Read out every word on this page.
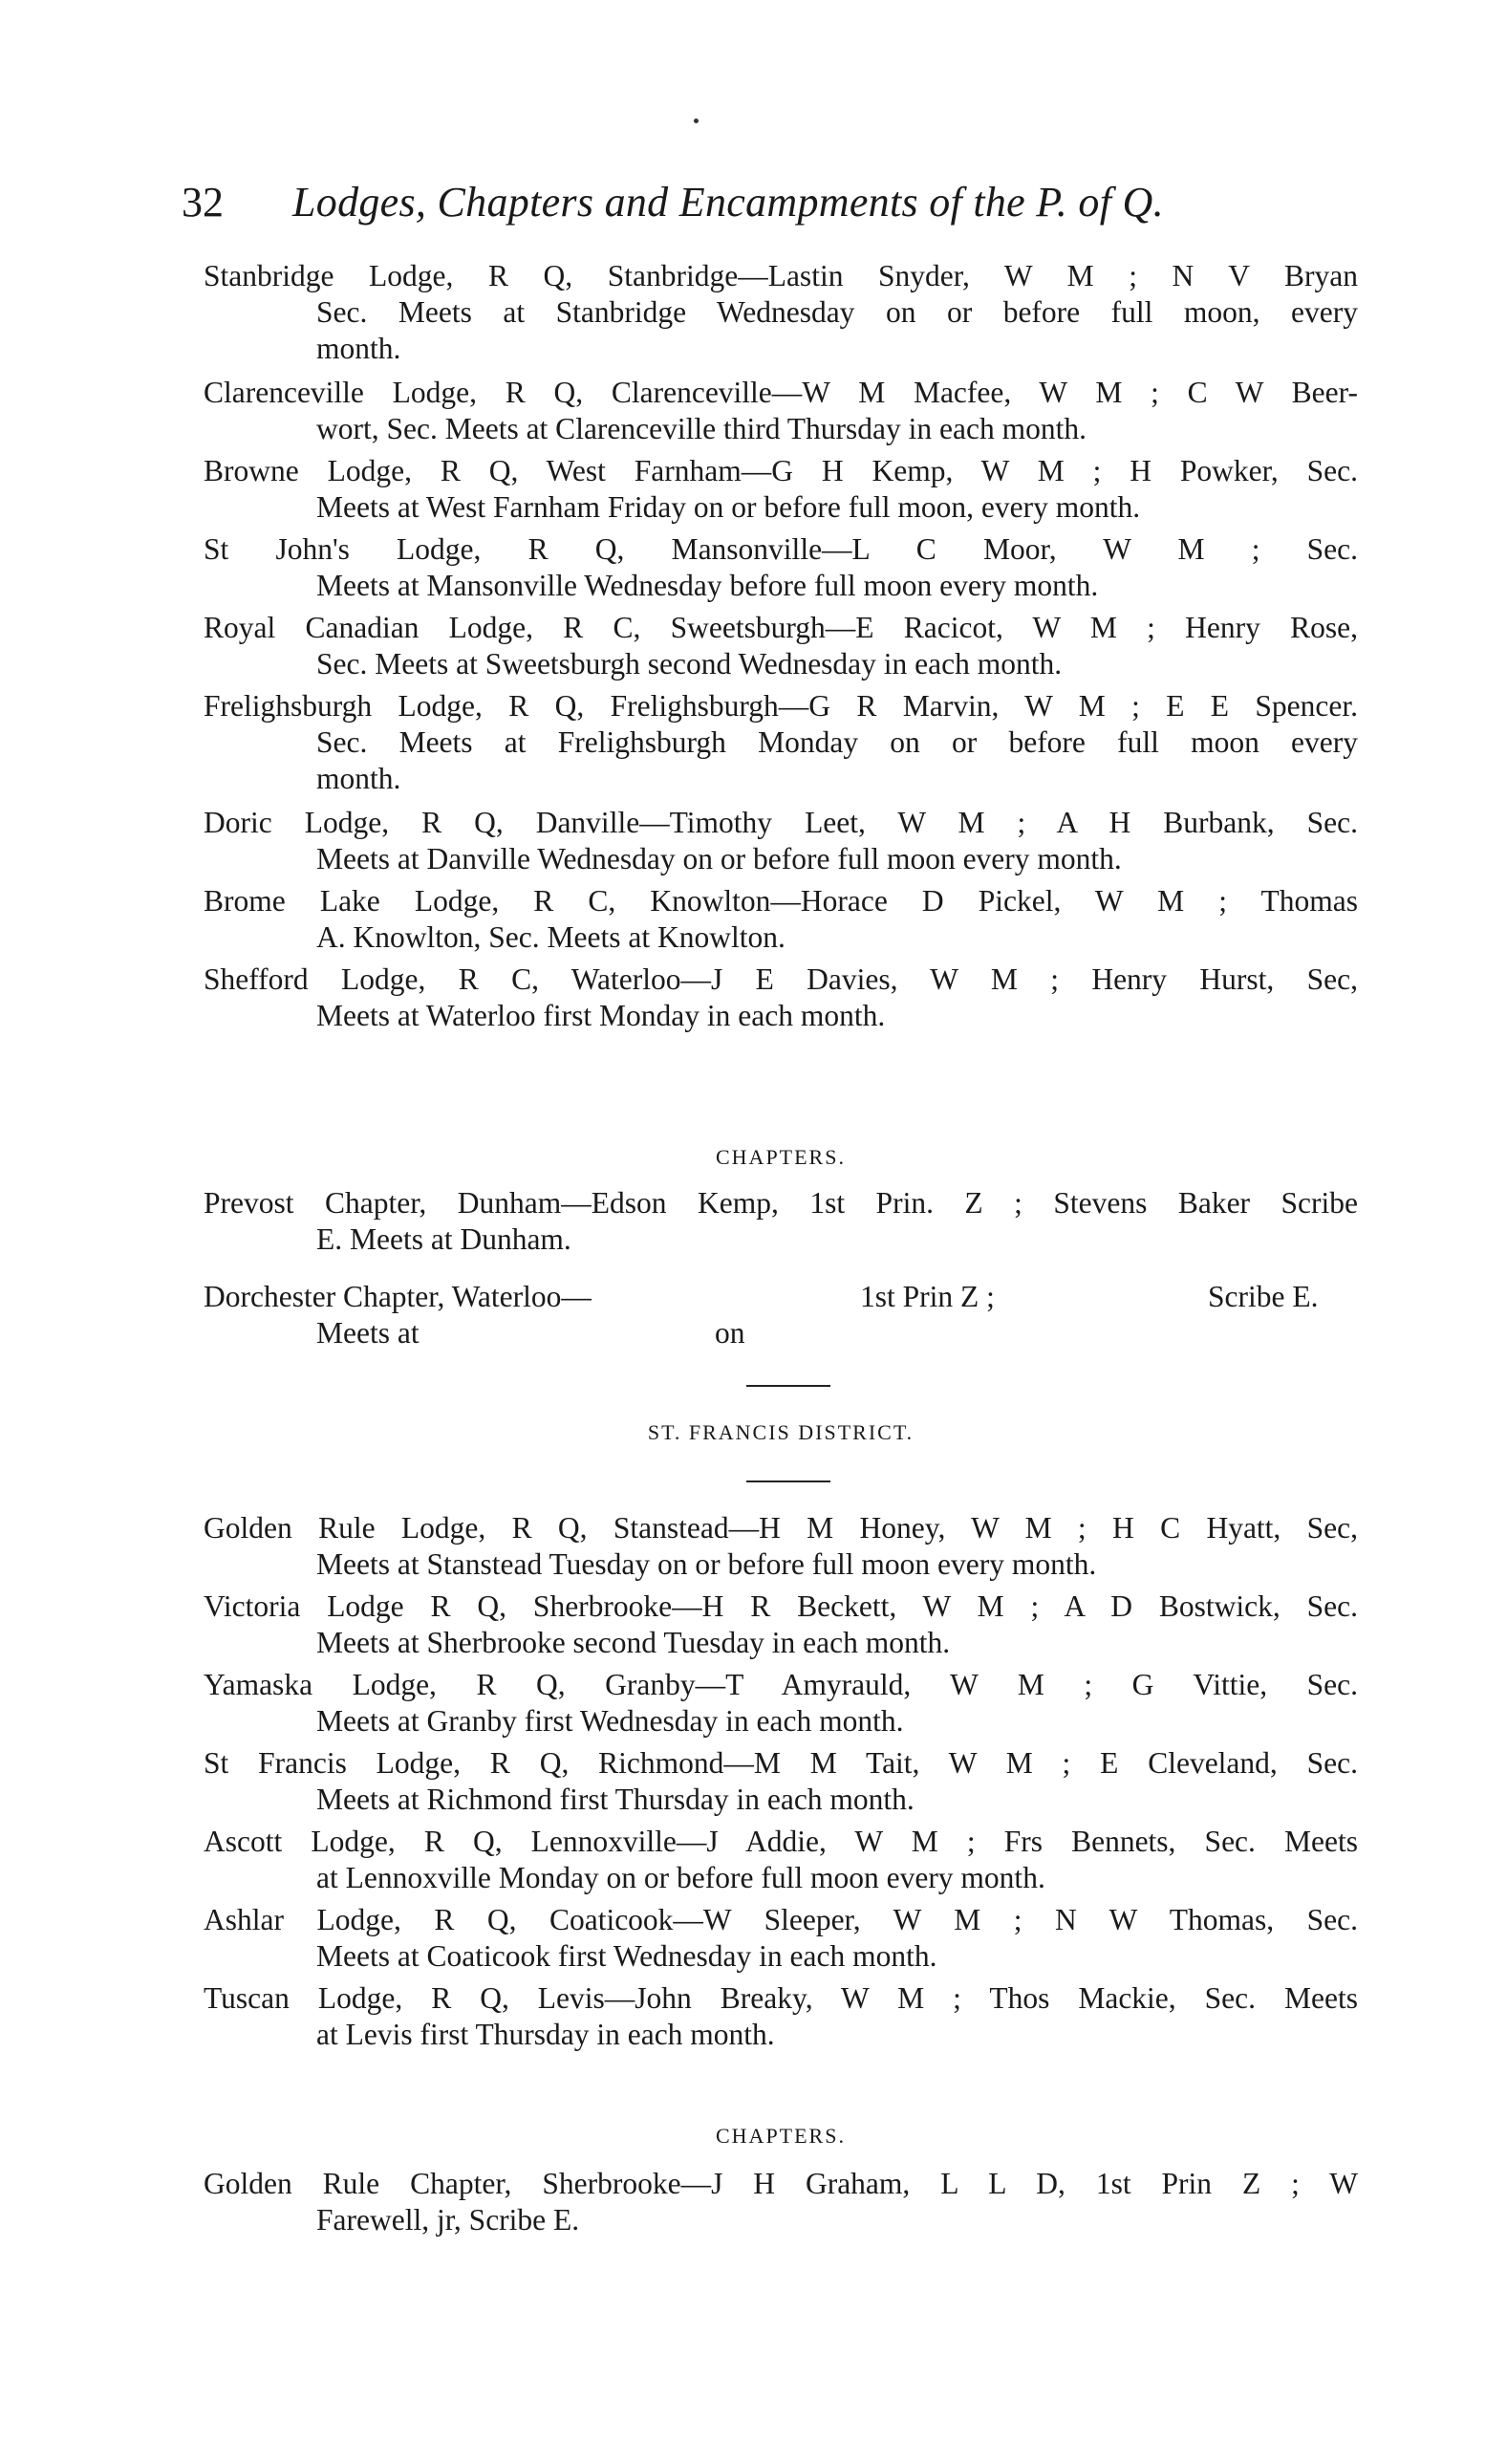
32 Lodges, Chapters and Encampments of the P. of Q.
Stanbridge Lodge, R Q, Stanbridge—Lastin Snyder, W M ; N V Bryan
Sec. Meets at Stanbridge Wednesday on or before full moon, every
month.
Clarenceville Lodge, R Q, Clarenceville—W M Macfee, W M ; C W Beer-
wort, Sec. Meets at Clarenceville third Thursday in each month.
Browne Lodge, R Q, West Farnham—G H Kemp, W M ; H Powker, Sec.
Meets at West Farnham Friday on or before full moon, every month.
St John's Lodge, R Q, Mansonville—L C Moor, W M ; Sec.
Meets at Mansonville Wednesday before full moon every month.
Royal Canadian Lodge, R C, Sweetsburgh—E Racicot, W M ; Henry Rose,
Sec. Meets at Sweetsburgh second Wednesday in each month.
Frelighsburgh Lodge, R Q, Frelighsburgh—G R Marvin, W M ; E E Spencer.
Sec. Meets at Frelighsburgh Monday on or before full moon every
month.
Doric Lodge, R Q, Danville—Timothy Leet, W M ; A H Burbank, Sec.
Meets at Danville Wednesday on or before full moon every month.
Brome Lake Lodge, R C, Knowlton—Horace D Pickel, W M ; Thomas
A. Knowlton, Sec. Meets at Knowlton.
Shefford Lodge, R C, Waterloo—J E Davies, W M ; Henry Hurst, Sec,
Meets at Waterloo first Monday in each month.
CHAPTERS.
Prevost Chapter, Dunham—Edson Kemp, 1st Prin. Z ; Stevens Baker Scribe
E. Meets at Dunham.
Dorchester Chapter, Waterloo—	1st Prin Z ;	Scribe E.
Meets at	on
ST. FRANCIS DISTRICT.
Golden Rule Lodge, R Q, Stanstead—H M Honey, W M ; H C Hyatt, Sec,
Meets at Stanstead Tuesday on or before full moon every month.
Victoria Lodge R Q, Sherbrooke—H R Beckett, W M ; A D Bostwick, Sec.
Meets at Sherbrooke second Tuesday in each month.
Yamaska Lodge, R Q, Granby—T Amyrauld, W M ; G Vittie, Sec.
Meets at Granby first Wednesday in each month.
St Francis Lodge, R Q, Richmond—M M Tait, W M ; E Cleveland, Sec.
Meets at Richmond first Thursday in each month.
Ascott Lodge, R Q, Lennoxville—J Addie, W M ; Frs Bennets, Sec. Meets
at Lennoxville Monday on or before full moon every month.
Ashlar Lodge, R Q, Coaticook—W Sleeper, W M ; N W Thomas, Sec.
Meets at Coaticook first Wednesday in each month.
Tuscan Lodge, R Q, Levis—John Breaky, W M ; Thos Mackie, Sec. Meets
at Levis first Thursday in each month.
CHAPTERS.
Golden Rule Chapter, Sherbrooke—J H Graham, L L D, 1st Prin Z ; W
Farewell, jr, Scribe E.
